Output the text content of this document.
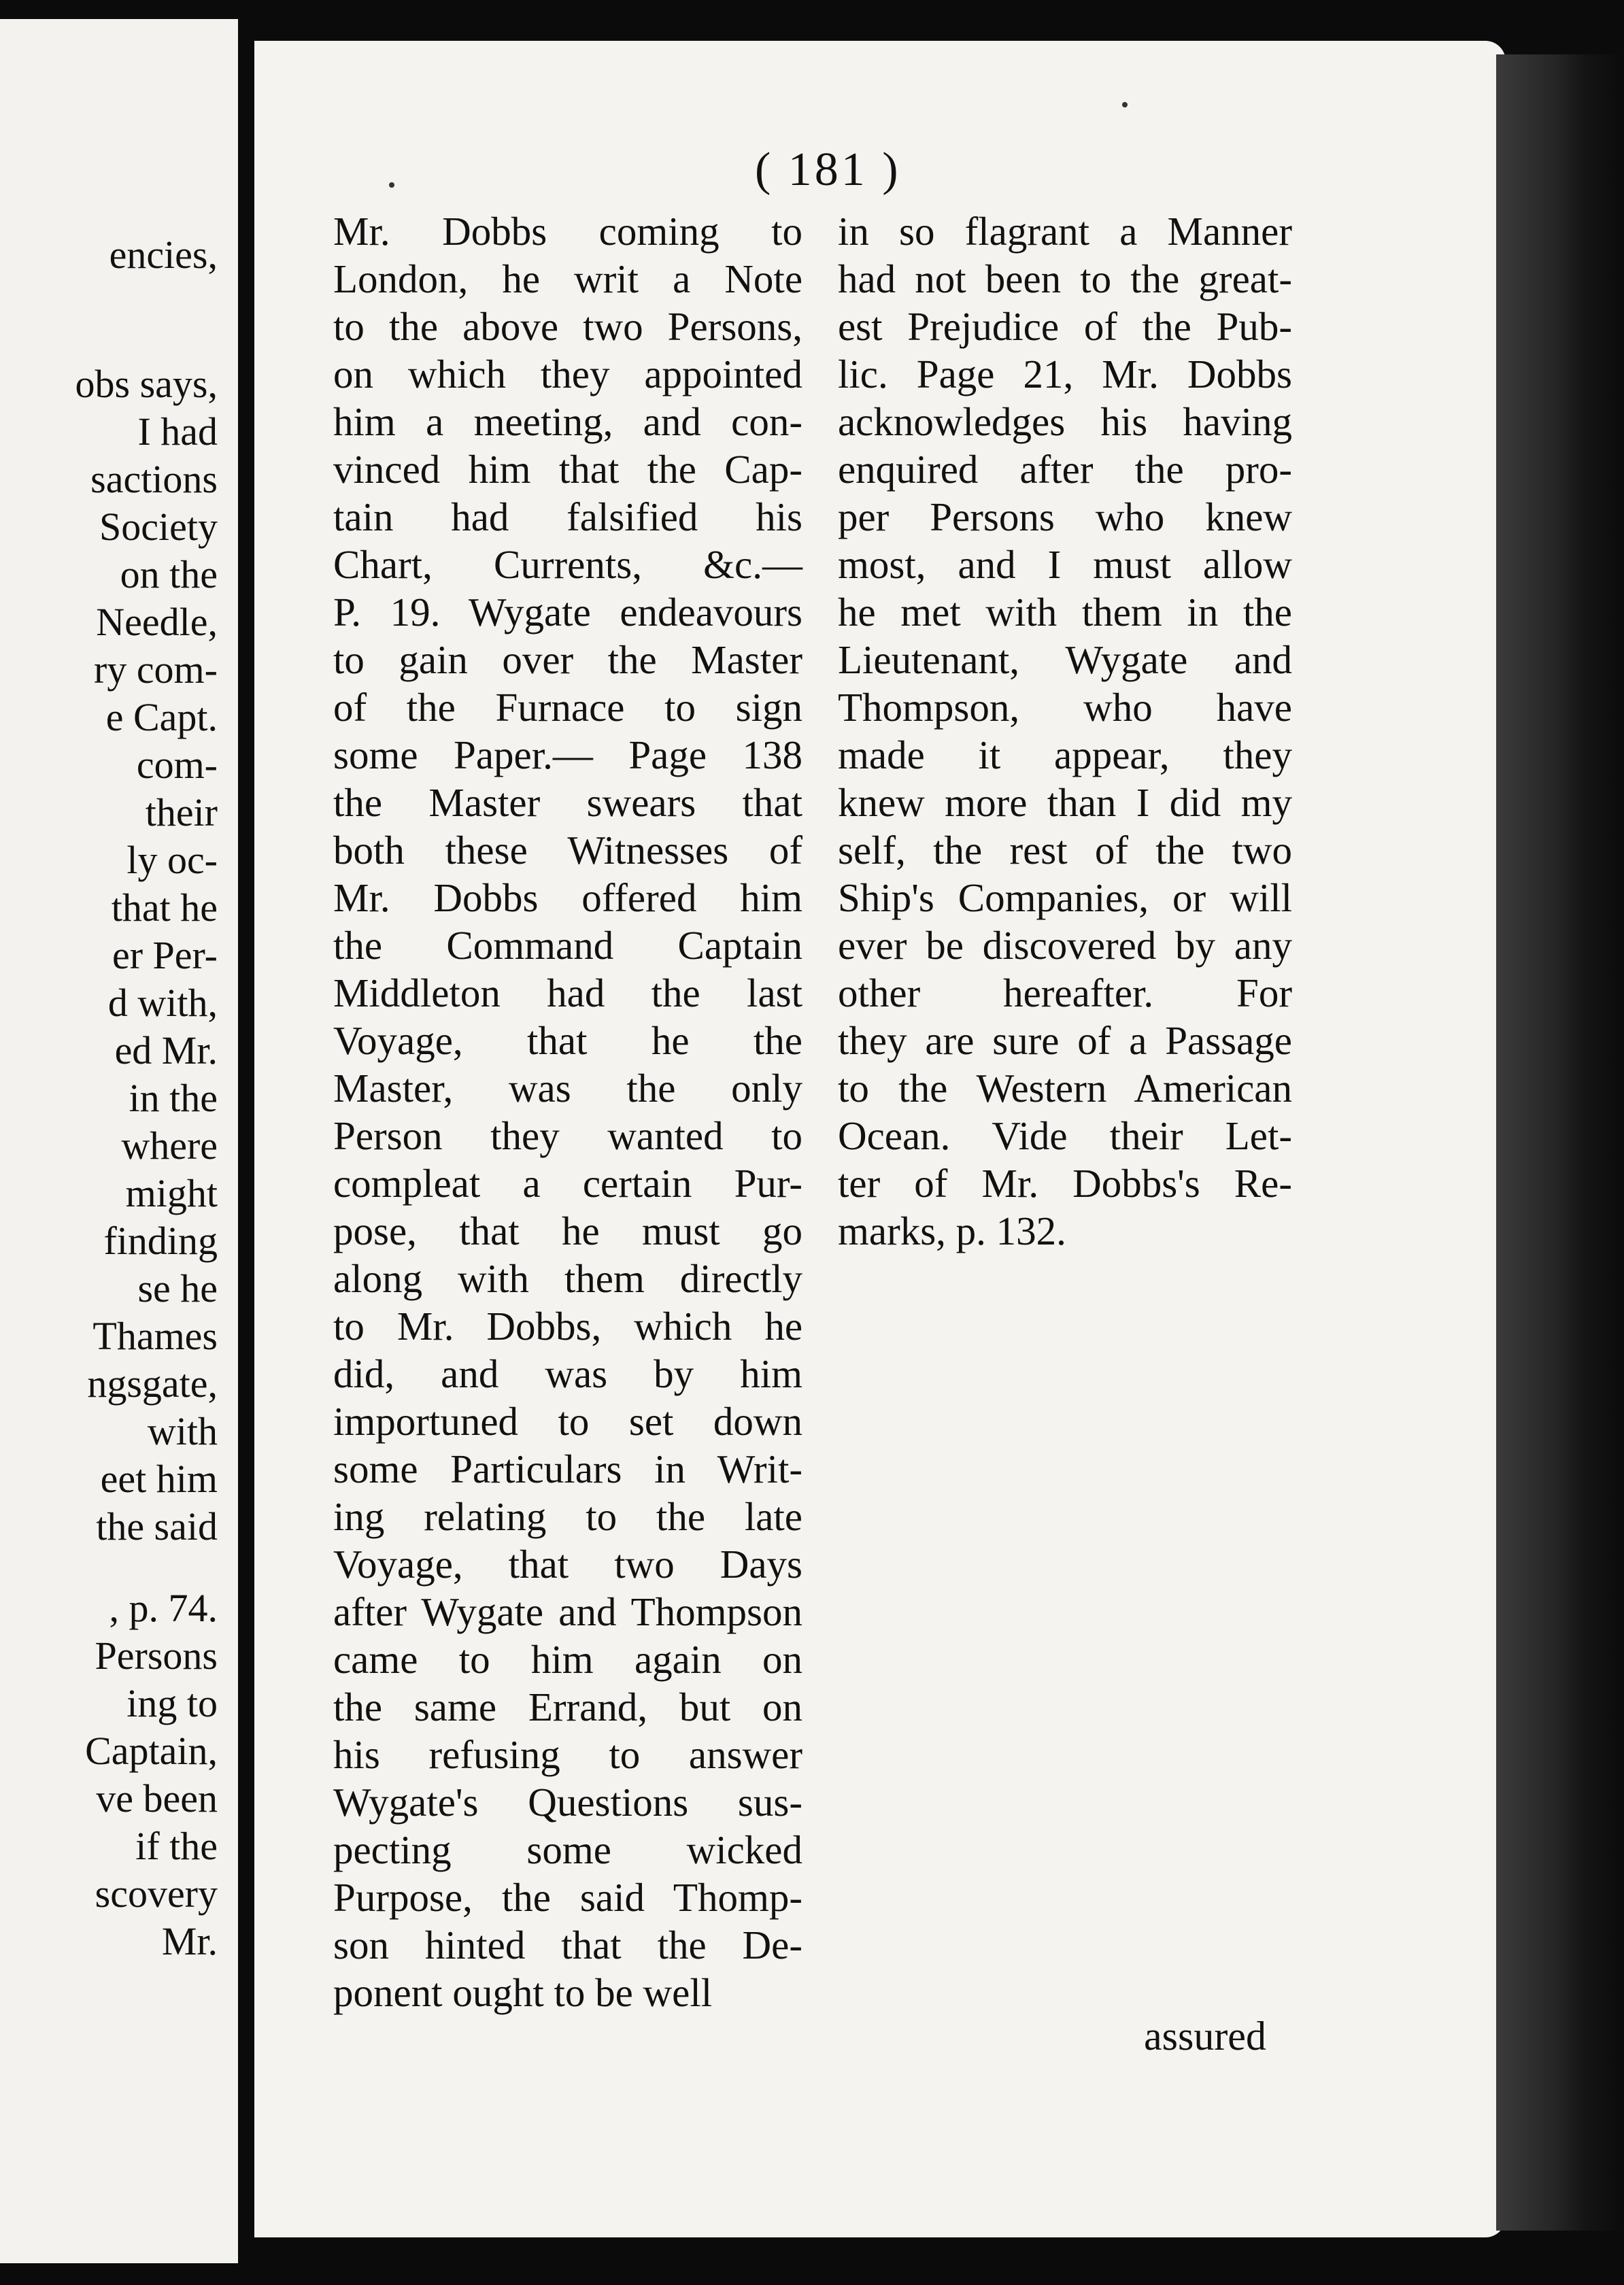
encies,
obs says,
I had
sactions
Society
on the
Needle,
ry com-
e Capt.
com-
their
ly oc-
that he
er Per-
d with,
ed Mr.
in the
where
might
finding
se he
Thames
ngsgate,
with
eet him
the said
, p. 74.
Persons
ing to
Captain,
ve been
if the
scovery
Mr.
( 181 )
Mr. Dobbs coming to
London, he writ a Note
to the above two Persons,
on which they appointed
him a meeting, and con-
vinced him that the Cap-
tain had falsified his
Chart, Currents, &c.—
P. 19. Wygate endeavours
to gain over the Master
of the Furnace to sign
some Paper.— Page 138
the Master swears that
both these Witnesses of
Mr. Dobbs offered him
the Command Captain
Middleton had the last
Voyage, that he the
Master, was the only
Person they wanted to
compleat a certain Pur-
pose, that he must go
along with them directly
to Mr. Dobbs, which he
did, and was by him
importuned to set down
some Particulars in Writ-
ing relating to the late
Voyage, that two Days
after Wygate and Thompson
came to him again on
the same Errand, but on
his refusing to answer
Wygate's Questions sus-
pecting some wicked
Purpose, the said Thomp-
son hinted that the De-
ponent ought to be well
in so flagrant a Manner
had not been to the great-
est Prejudice of the Pub-
lic. Page 21, Mr. Dobbs
acknowledges his having
enquired after the pro-
per Persons who knew
most, and I must allow
he met with them in the
Lieutenant, Wygate and
Thompson, who have
made it appear, they
knew more than I did my
self, the rest of the two
Ship's Companies, or will
ever be discovered by any
other hereafter. For
they are sure of a Passage
to the Western American
Ocean. Vide their Let-
ter of Mr. Dobbs's Re-
marks, p. 132.
assured
